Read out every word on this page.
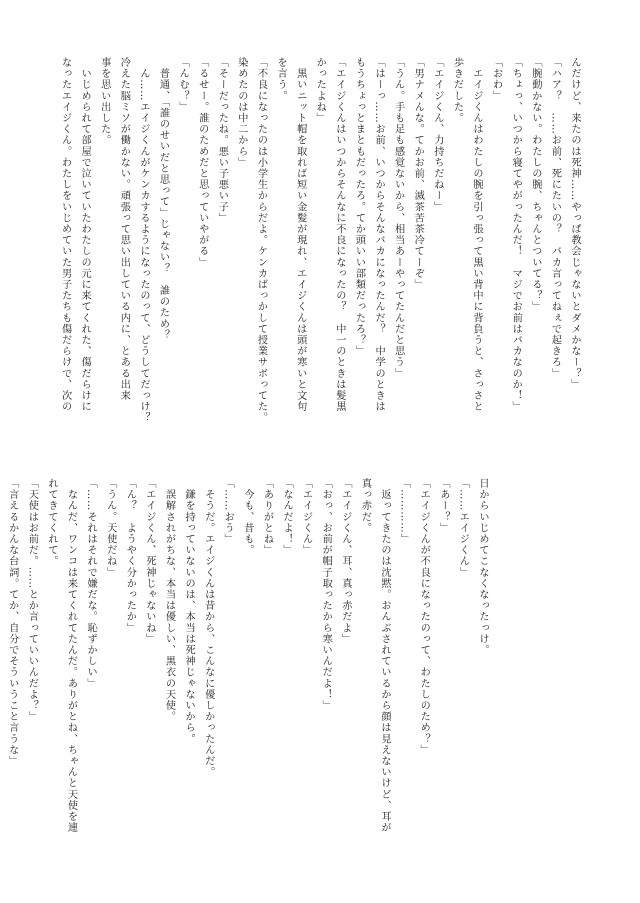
んだけど、来たのは死神……やっぱ教会じゃないとダメかなー？」
「ハア？　……お前、死にたいの？　バカ言ってねぇで起きろ」
「腕動かない。わたしの腕、ちゃんとついてる？」
「ちょっ、いつから寝てやがったんだ！　マジでお前はバカなのか！」
「おわ」
　エイジくんはわたしの腕を引っ張って黒い背中に背負うと、さっさと
歩きだした。
「エイジくん、力持ちだねー」
「男ナメんな。てかお前、滅茶苦茶冷てーぞ」
「うん。手も足も感覚ないから、相当あーやってたんだと思う」
「はーっ……お前、いつからそんなバカになったんだ？　中学のときは
もうちょっとまともだったろ。てか頭いい部類だったろ？」
「エイジくんはいつからそんなに不良になったの？　中一のときは髪黒
かったよね」
　黒いニット帽を取れば短い金髪が現れ、エイジくんは頭が寒いと文句
を言う。
「不良になったのは小学生からだよ。ケンカばっかして授業サボってた。
染めたのは中二から」
「そーだったね。悪い子悪い子」
「るせー。誰のためだと思っていやがる」
「んむ？」
　普通、「誰のせいだと思って」じゃない？　誰のため？
　ん……エイジくんがケンカするようになったのって、どうしてだっけ？
冷えた脳ミソが働かない。頑張って思い出している内に、とある出来
事を思い出した。
　いじめられて部屋で泣いていたわたしの元に来てくれた、傷だらけに
なったエイジくん。わたしをいじめていた男子たちも傷だらけで、次の
日からいじめてこなくなったっけ。
「……エイジくん」
「あー？」
「エイジくんが不良になったのって、わたしのため？」
「…………」
　返ってきたのは沈黙。おんぶされているから顔は見えないけど、耳が
真っ赤だ。
「エイジくん、耳、真っ赤だよ」
「おっ、お前が帽子取ったから寒いんだよ！」
「エイジくん」
「なんだよ！」
「ありがとね」
　今も、昔も。
「……おう」
　そうだ。エイジくんは昔から、こんなに優しかったんだ。
　鎌を持っていないのは、本当は死神じゃないから。
　誤解されがちな、本当は優しい、黒衣の天使。
「エイジくん、死神じゃないね」
「ん？　ようやく分かったか」
「うん。天使だね」
「……それはそれで嫌だな。恥ずかしい」
　なんだ、ワンコは来てくれてたんだ。ありがとね、ちゃんと天使を連
れてきてくれて。
「天使はお前だ。……とか言っていいんだよ？」
「言えるかんな台詞。てか、自分でそういうこと言うな」
